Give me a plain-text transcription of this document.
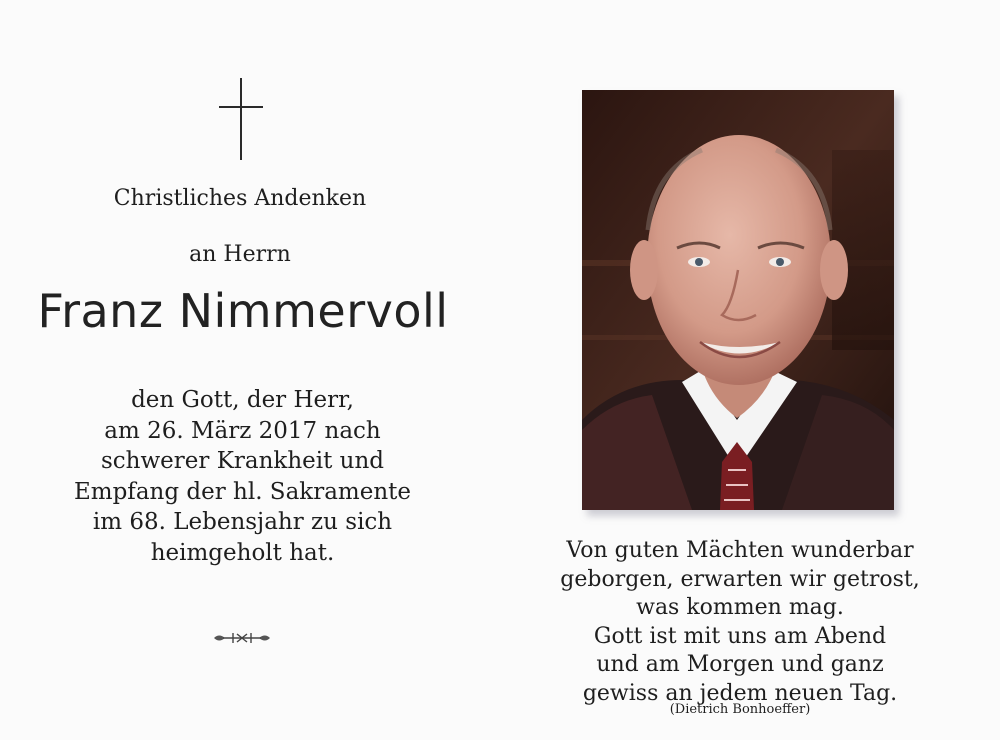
Christliches Andenken
an Herrn
Franz Nimmervoll
den Gott, der Herr,
am 26. März 2017 nach
schwerer Krankheit und
Empfang der hl. Sakramente
im 68. Lebensjahr zu sich
heimgeholt hat.	Von guten Mächten wunderbar
geborgen, erwarten wir getrost,
was kommen mag.
Gott ist mit uns am Abend
und am Morgen und ganz
gewiss an jedem neuen Tag.
(Dietrich Bonhoeffer)
